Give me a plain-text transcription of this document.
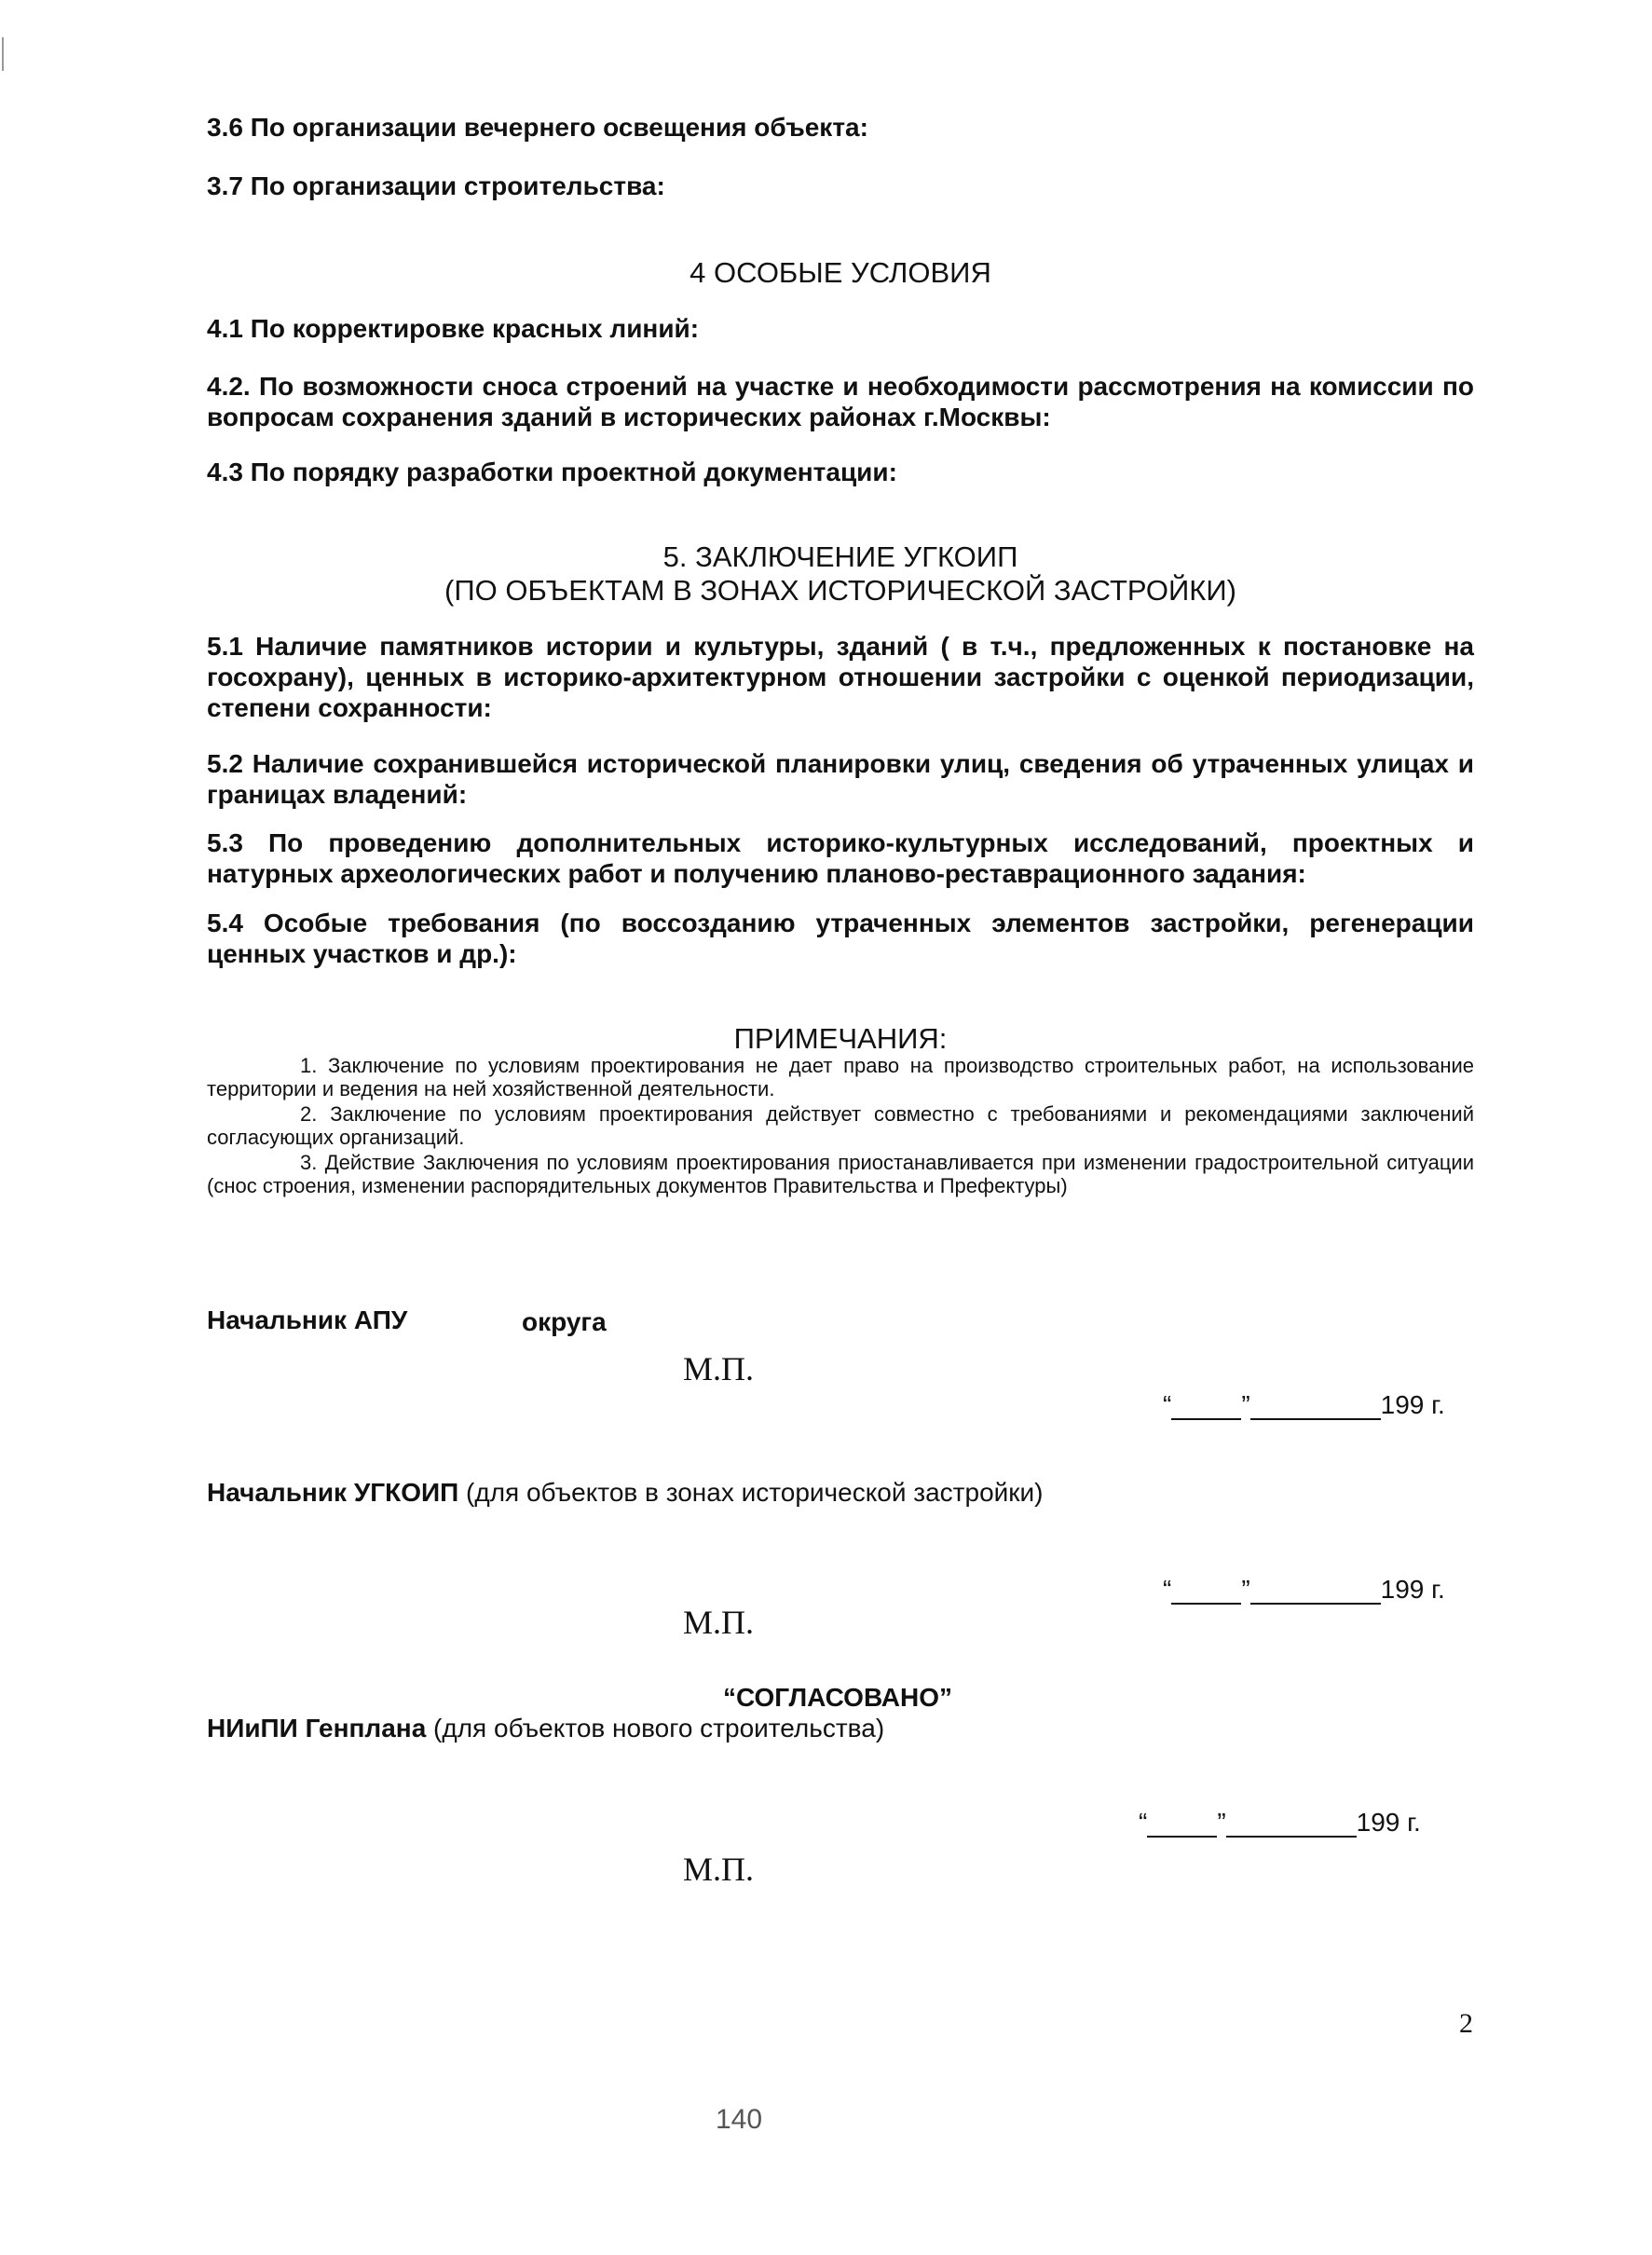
3.6 По организации вечернего освещения объекта:
3.7 По организации строительства:
4 ОСОБЫЕ УСЛОВИЯ
4.1 По корректировке красных линий:
4.2. По возможности сноса строений на участке и необходимости рассмотрения на комиссии по вопросам сохранения зданий в исторических районах г.Москвы:
4.3 По порядку разработки проектной документации:
5. ЗАКЛЮЧЕНИЕ УГКОИП
(ПО ОБЪЕКТАМ В ЗОНАХ ИСТОРИЧЕСКОЙ ЗАСТРОЙКИ)
5.1 Наличие памятников истории и культуры, зданий ( в т.ч., предложенных к постановке на госохрану), ценных в историко-архитектурном отношении застройки с оценкой периодизации, степени сохранности:
5.2 Наличие сохранившейся исторической планировки улиц, сведения об утраченных улицах и границах владений:
5.3 По проведению дополнительных историко-культурных исследований, проектных и натурных археологических работ и получению планово-реставрационного задания:
5.4 Особые требования (по воссозданию утраченных элементов застройки, регенерации ценных участков и др.):
ПРИМЕЧАНИЯ:
1. Заключение по условиям проектирования не дает право на производство строительных работ, на использование территории и ведения на ней хозяйственной деятельности.
2. Заключение по условиям проектирования действует совместно с требованиями и рекомендациями заключений согласующих организаций.
3. Действие Заключения по условиям проектирования приостанавливается при изменении градостроительной ситуации (снос строения, изменении распорядительных документов Правительства и Префектуры)
Начальник АПУ	округа
М.П.
“	”	199 г.
Начальник УГКОИП (для объектов в зонах исторической застройки)
“	”	199 г.
М.П.
“СОГЛАСОВАНО”
НИиПИ Генплана (для объектов нового строительства)
“	”	199 г.
М.П.
2
140
